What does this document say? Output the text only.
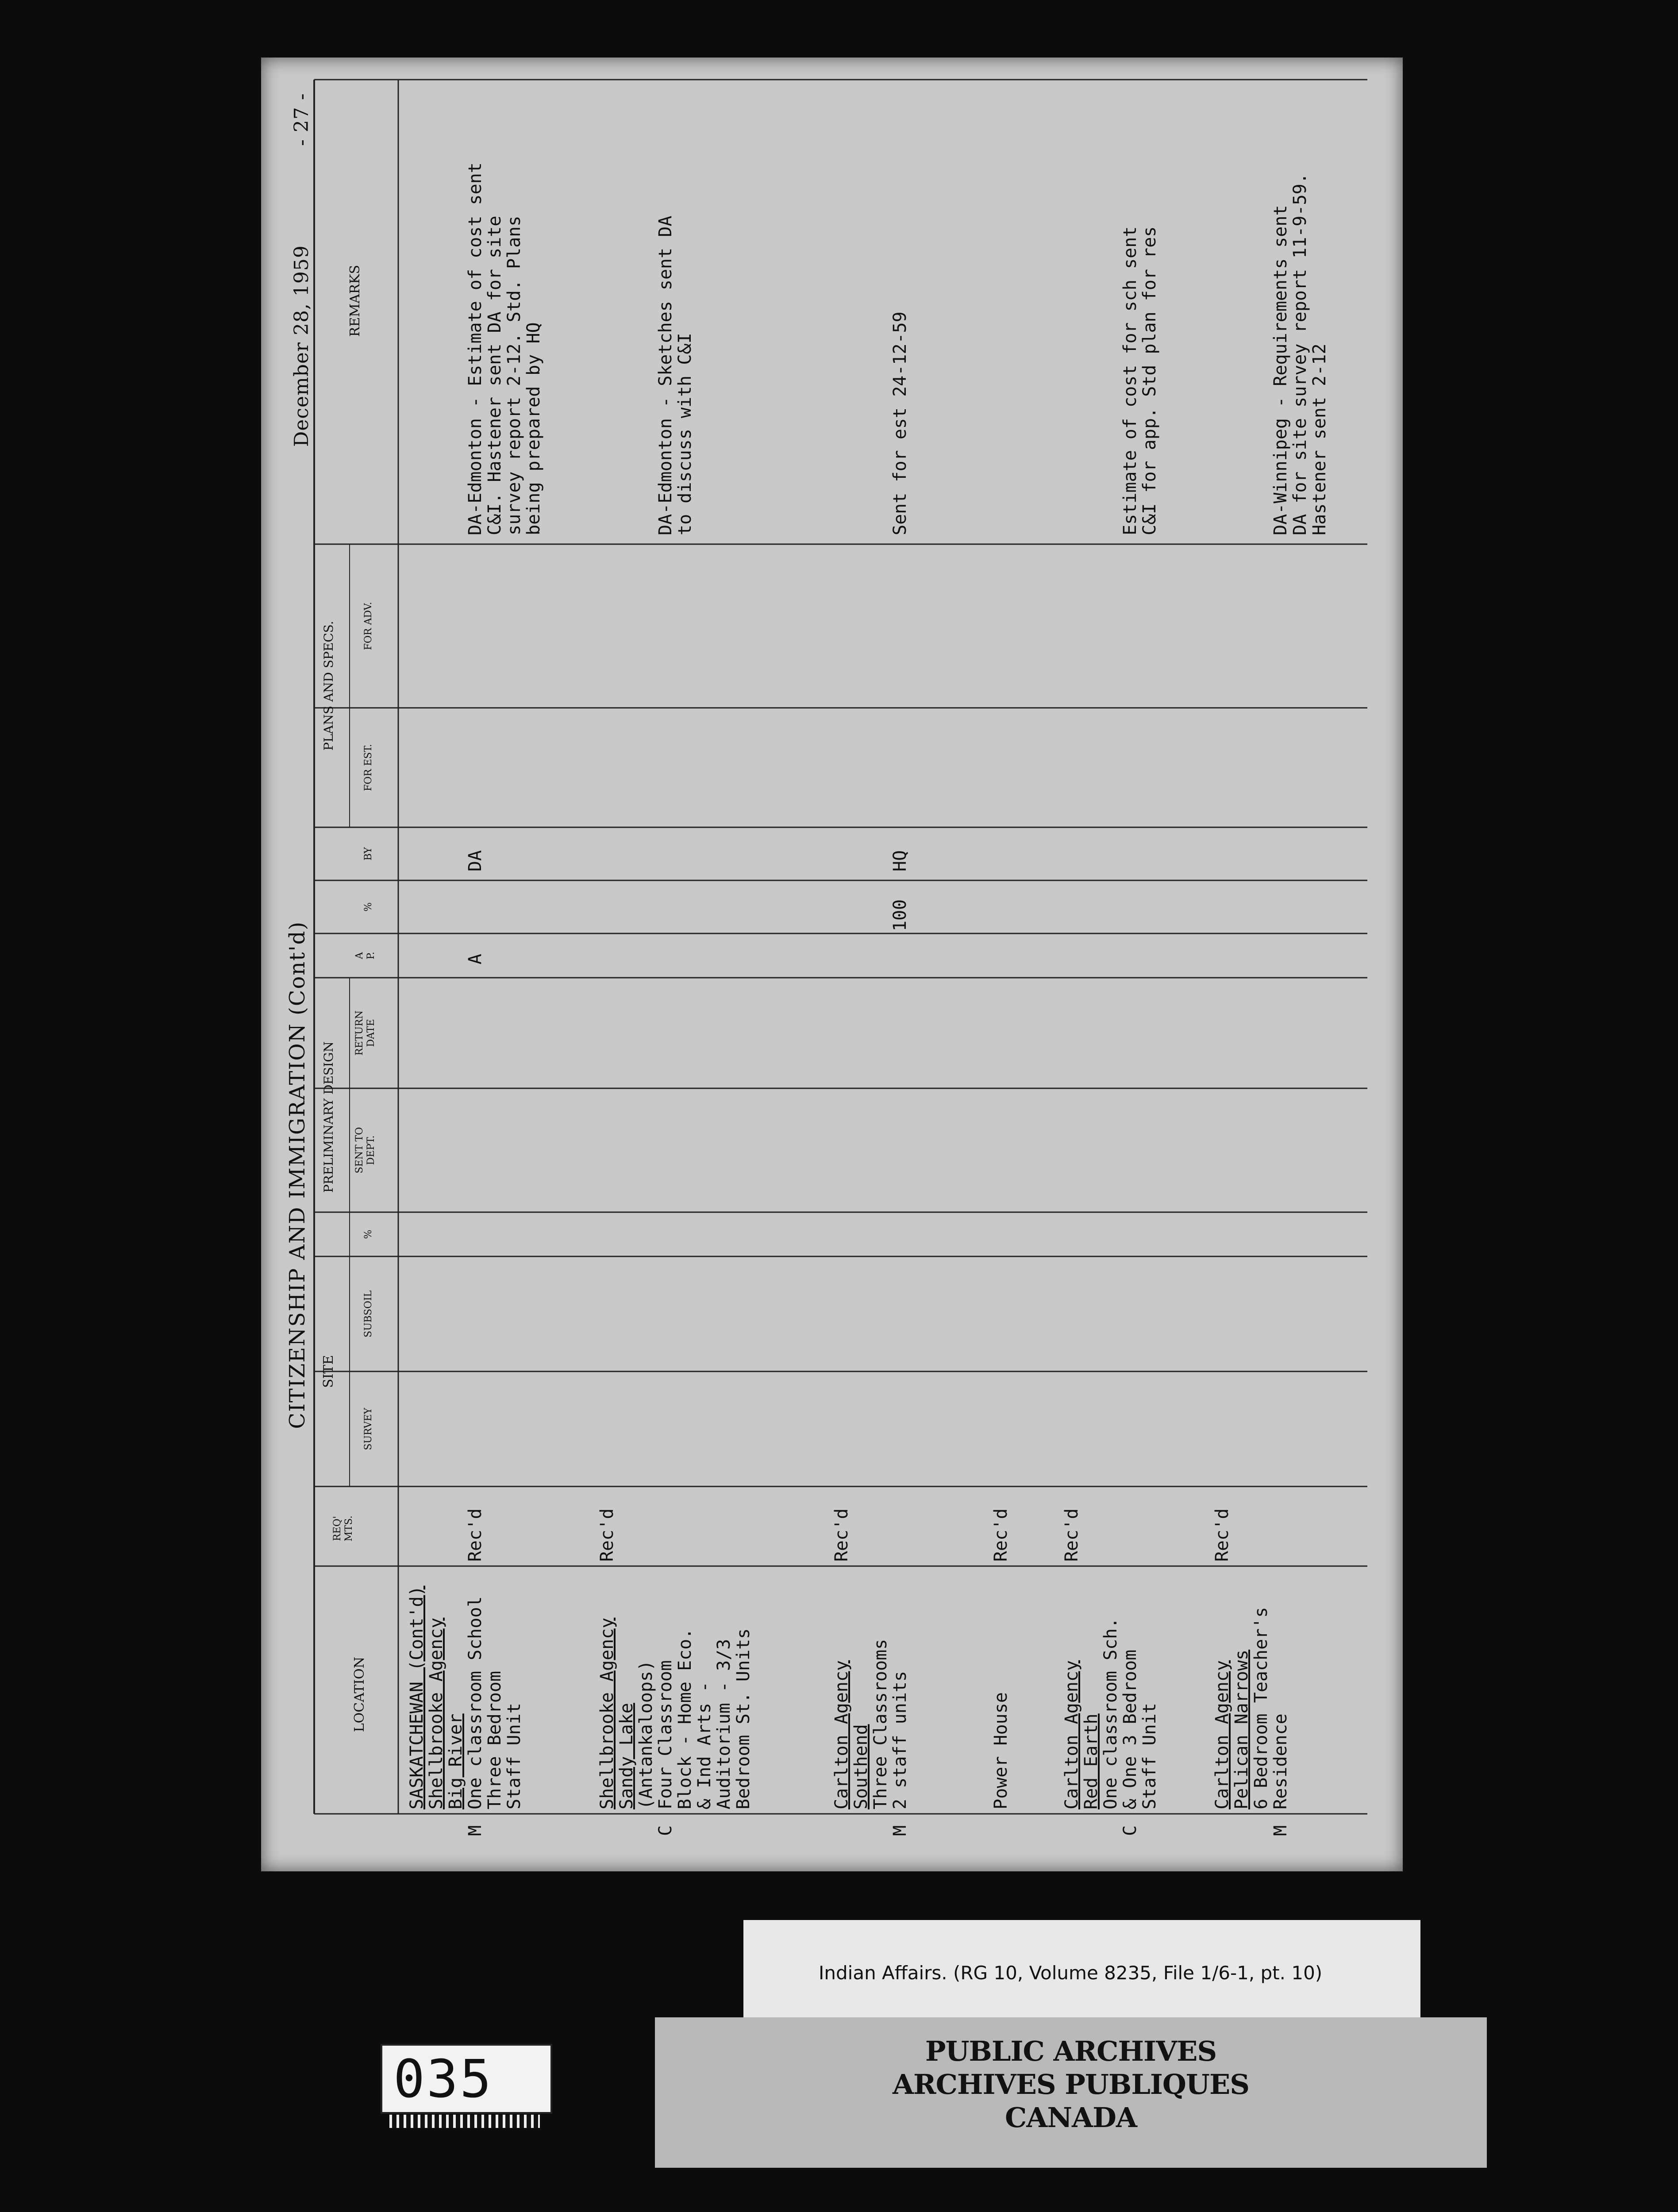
CITIZENSHIP AND IMMIGRATION (Cont'd)
December 28, 1959
- 27 -
LOCATION
REQ'
MTS.
SITE
SURVEY
SUBSOIL
PRELIMINARY DESIGN
%
SENT TO
DEPT.
RETURN
DATE
A
P.
%
BY
PLANS AND SPECS.
FOR EST.
FOR ADV.
REMARKS
M
SASKATCHEWAN (Cont'd)
Shellbrooke Agency
Big River
One classroom School
Three Bedroom
Staff Unit
Rec'd
A
DA
DA-Edmonton - Estimate of cost sent
C&I. Hastener sent DA for site
survey report 2-12. Std. Plans
being prepared by HQ
C
Shellbrooke Agency
Sandy Lake
(Antankaloops)
Four Classroom
Block - Home Eco.
& Ind Arts -
Auditorium - 3/3
Bedroom St. Units
Rec'd
DA-Edmonton - Sketches sent DA
to discuss with C&I
M
Carlton Agency
Southend
Three Classrooms
2 staff units
Rec'd
100
HQ
Sent for est 24-12-59
Power House
Rec'd
C
Carlton Agency
Red Earth
One classroom Sch.
& One 3 Bedroom
Staff Unit
Rec'd
Estimate of cost for sch sent
C&I for app. Std plan for res
M
Carlton Agency
Pelican Narrows
6 Bedroom Teacher's
Residence
Rec'd
DA-Winnipeg - Requirements sent
DA for site survey report 11-9-59.
Hastener sent 2-12
Indian Affairs. (RG 10, Volume 8235, File 1/6-1, pt. 10)
PUBLIC ARCHIVES
ARCHIVES PUBLIQUES
CANADA
035
